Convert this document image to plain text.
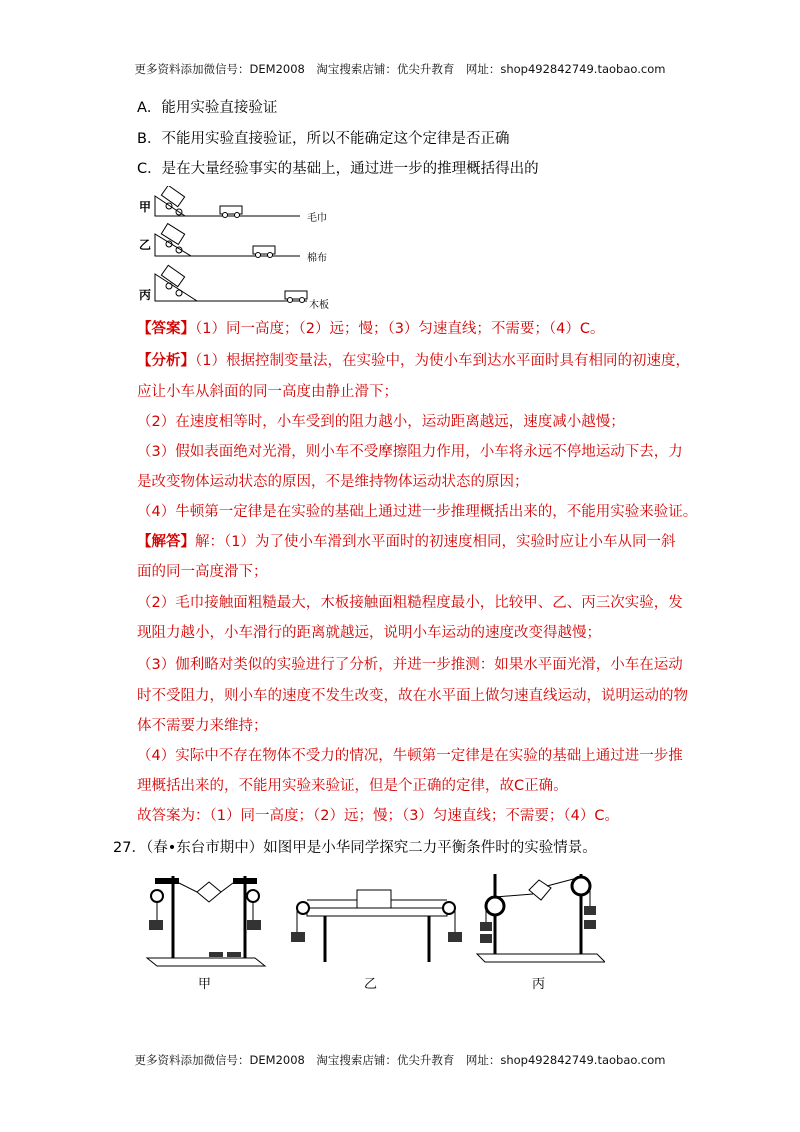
更多资料添加微信号：DEM2008　淘宝搜索店铺：优尖升教育　网址：shop492842749.taobao.com
A．能用实验直接验证
B．不能用实验直接验证，所以不能确定这个定律是否正确
C．是在大量经验事实的基础上，通过进一步的推理概括得出的
甲
毛巾
乙
棉布
丙
木板
【答案】（1）同一高度；（2）远；慢；（3）匀速直线；不需要；（4）C。
【分析】（1）根据控制变量法，在实验中，为使小车到达水平面时具有相同的初速度，
应让小车从斜面的同一高度由静止滑下；
（2）在速度相等时，小车受到的阻力越小，运动距离越远，速度减小越慢；
（3）假如表面绝对光滑，则小车不受摩擦阻力作用，小车将永远不停地运动下去，力
是改变物体运动状态的原因，不是维持物体运动状态的原因；
（4）牛顿第一定律是在实验的基础上通过进一步推理概括出来的，不能用实验来验证。
【解答】解：（1）为了使小车滑到水平面时的初速度相同，实验时应让小车从同一斜
面的同一高度滑下；
（2）毛巾接触面粗糙最大，木板接触面粗糙程度最小，比较甲、乙、丙三次实验，发
现阻力越小，小车滑行的距离就越远，说明小车运动的速度改变得越慢；
（3）伽利略对类似的实验进行了分析，并进一步推测：如果水平面光滑，小车在运动
时不受阻力，则小车的速度不发生改变，故在水平面上做匀速直线运动，说明运动的物
体不需要力来维持；
（4）实际中不存在物体不受力的情况，牛顿第一定律是在实验的基础上通过进一步推
理概括出来的，不能用实验来验证，但是个正确的定律，故C正确。
故答案为：（1）同一高度；（2）远；慢；（3）匀速直线；不需要；（4）C。
27．（春•东台市期中）如图甲是小华同学探究二力平衡条件时的实验情景。
甲	乙	丙
更多资料添加微信号：DEM2008　淘宝搜索店铺：优尖升教育　网址：shop492842749.taobao.com
